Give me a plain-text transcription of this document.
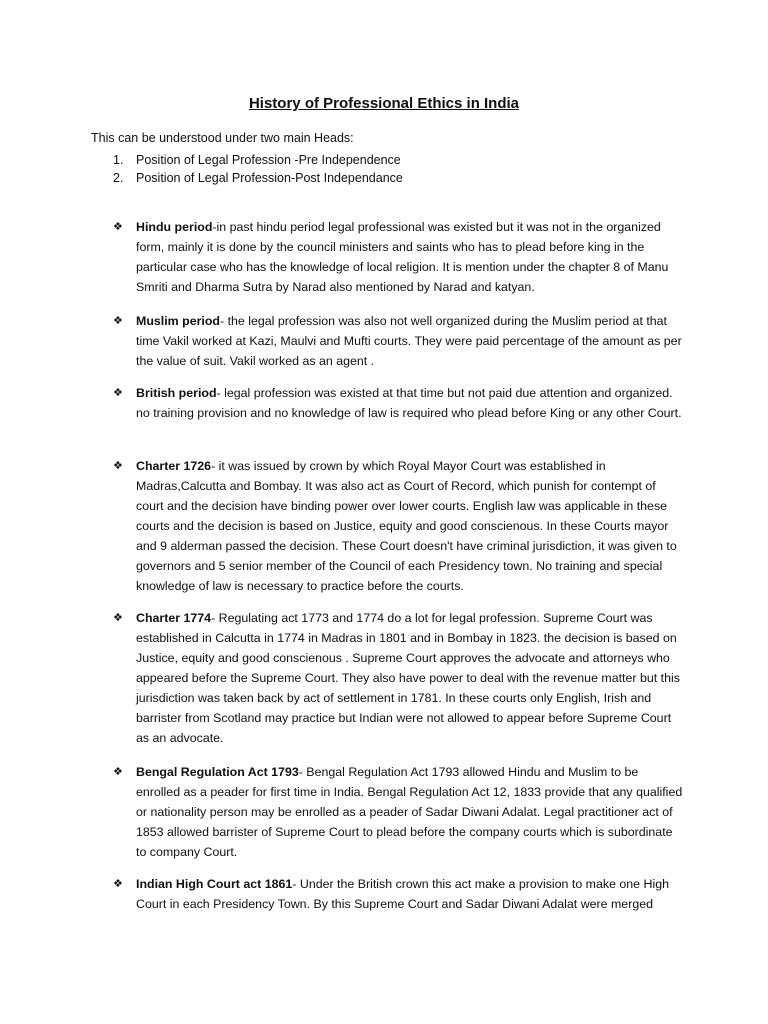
History of Professional Ethics in India
This can be understood under two main Heads:
1. Position of Legal Profession -Pre Independence
2. Position of Legal Profession-Post Independance
❖	Hindu period-in past hindu period legal professional was existed but it was not in the organized form, mainly it is done by the council ministers and saints who has to plead before king in the particular case who has the knowledge of local religion. It is mention under the chapter 8 of Manu Smriti and Dharma Sutra by Narad also mentioned by Narad and katyan.
❖	Muslim period- the legal profession was also not well organized during the Muslim period at that time Vakil worked at Kazi, Maulvi and Mufti courts. They were paid percentage of the amount as per the value of suit. Vakil worked as an agent .
❖	British period- legal profession was existed at that time but not paid due attention and organized. no training provision and no knowledge of law is required who plead before King or any other Court.
❖	Charter 1726- it was issued by crown by which Royal Mayor Court was established in Madras,Calcutta and Bombay. It was also act as Court of Record, which punish for contempt of court and the decision have binding power over lower courts. English law was applicable in these courts and the decision is based on Justice, equity and good conscienous. In these Courts mayor and 9 alderman passed the decision. These Court doesn't have criminal jurisdiction, it was given to governors and 5 senior member of the Council of each Presidency town. No training and special knowledge of law is necessary to practice before the courts.
❖	Charter 1774- Regulating act 1773 and 1774 do a lot for legal profession. Supreme Court was established in Calcutta in 1774 in Madras in 1801 and in Bombay in 1823. the decision is based on Justice, equity and good conscienous . Supreme Court approves the advocate and attorneys who appeared before the Supreme Court. They also have power to deal with the revenue matter but this jurisdiction was taken back by act of settlement in 1781. In these courts only English, Irish and barrister from Scotland may practice but Indian were not allowed to appear before Supreme Court as an advocate.
❖	Bengal Regulation Act 1793- Bengal Regulation Act 1793 allowed Hindu and Muslim to be enrolled as a peader for first time in India. Bengal Regulation Act 12, 1833 provide that any qualified or nationality person may be enrolled as a peader of Sadar Diwani Adalat. Legal practitioner act of 1853 allowed barrister of Supreme Court to plead before the company courts which is subordinate to company Court.
❖	Indian High Court act 1861- Under the British crown this act make a provision to make one High Court in each Presidency Town. By this Supreme Court and Sadar Diwani Adalat were merged
